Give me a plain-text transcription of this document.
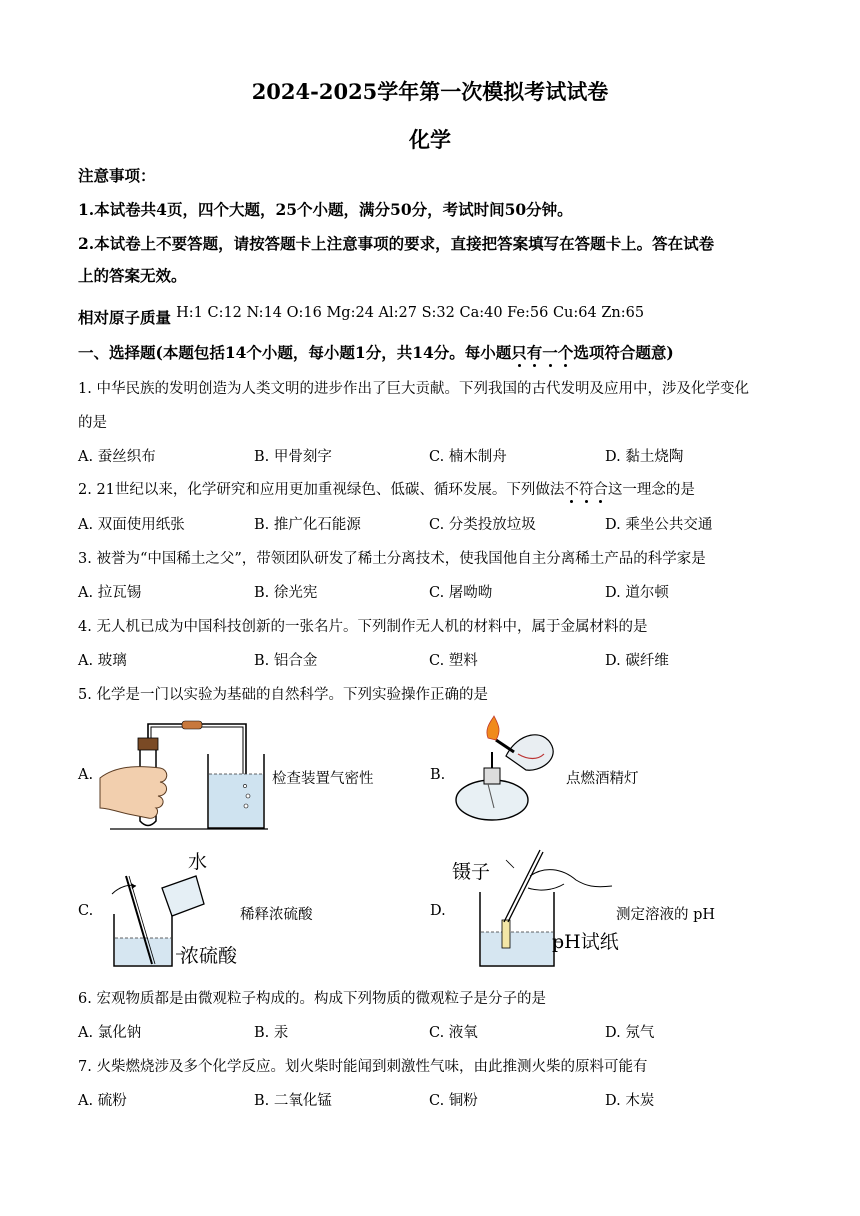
2024-2025学年第一次模拟考试试卷
化学
注意事项：
1.本试卷共4页，四个大题，25个小题，满分50分，考试时间50分钟。
2.本试卷上不要答题，请按答题卡上注意事项的要求，直接把答案填写在答题卡上。答在试卷
上的答案无效。
相对原子质量 H:1 C:12 N:14 O:16 Mg:24 Al:27 S:32 Ca:40 Fe:56 Cu:64 Zn:65
一、选择题(本题包括14个小题，每小题1分，共14分。每小题只有一个选项符合题意)
1. 中华民族的发明创造为人类文明的进步作出了巨大贡献。下列我国的古代发明及应用中，涉及化学变化
的是
A. 蚕丝织布	B. 甲骨刻字	C. 楠木制舟	D. 黏土烧陶
2. 21世纪以来，化学研究和应用更加重视绿色、低碳、循环发展。下列做法不符合这一理念的是
A. 双面使用纸张	B. 推广化石能源	C. 分类投放垃圾	D. 乘坐公共交通
3. 被誉为“中国稀土之父”，带领团队研发了稀土分离技术，使我国他自主分离稀土产品的科学家是
A. 拉瓦锡	B. 徐光宪	C. 屠呦呦	D. 道尔顿
4. 无人机已成为中国科技创新的一张名片。下列制作无人机的材料中，属于金属材料的是
A. 玻璃	B. 铝合金	C. 塑料	D. 碳纤维
5. 化学是一门以实验为基础的自然科学。下列实验操作正确的是
A.	检查装置气密性	B.	点燃酒精灯
C.
水
浓硫酸
稀释浓硫酸	D.
镊子
pH试纸
测定溶液的 pH
6. 宏观物质都是由微观粒子构成的。构成下列物质的微观粒子是分子的是
A. 氯化钠	B. 汞	C. 液氧	D. 氖气
7. 火柴燃烧涉及多个化学反应。划火柴时能闻到刺激性气味，由此推测火柴的原料可能有
A. 硫粉	B. 二氧化锰	C. 铜粉	D. 木炭
